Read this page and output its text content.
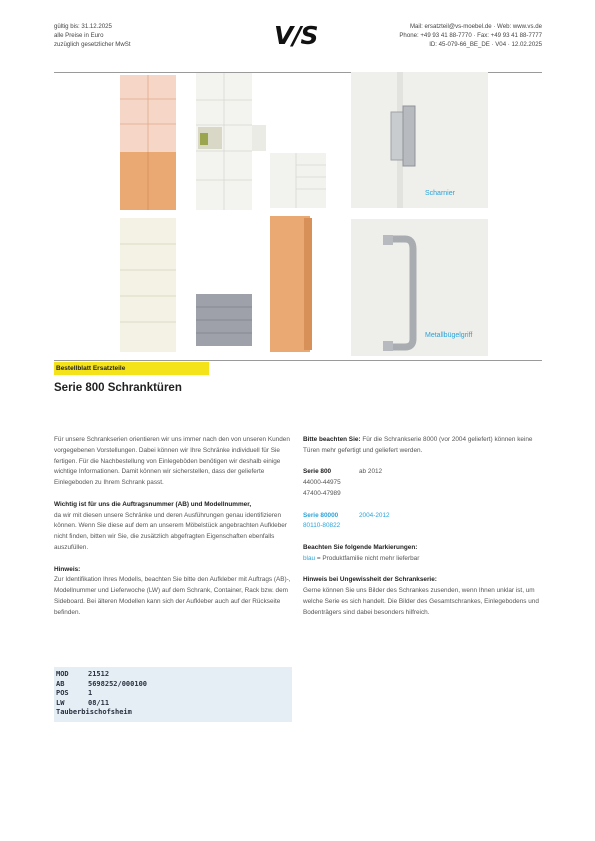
gültig bis: 31.12.2025
alle Preise in Euro
zuzüglich gesetzlicher MwSt	V/S	Mail: ersatzteil@vs-moebel.de · Web: www.vs.de
Phone: +49 93 41 88-7770 · Fax: +49 93 41 88-7777
ID: 45-079-66_BE_DE · V04 · 12.02.2025
Scharnier
Metallbügelgriff
Bestellblatt Ersatzteile
Serie 800 Schranktüren

Für unsere Schrankserien orientieren wir uns immer nach den von unseren Kunden vorgegebenen Vorstellungen. Dabei können wir Ihre Schränke individuell für Sie fertigen. Für die Nachbestellung von Einlegeböden benötigen wir deshalb einige wichtige Informationen. Damit können wir sicherstellen, dass der gelieferte Einlegeboden zu Ihrem Schrank passt.

Wichtig ist für uns die Auftragsnummer (AB) und Modellnummer,

da wir mit diesen unsere Schränke und deren Ausführungen genau identifizieren können. Wenn Sie diese auf dem an unserem Möbelstück angebrachten Aufkleber nicht finden, bitten wir Sie, die zusätzlich abgefragten Eigenschaften ebenfalls auszufüllen.

Hinweis:

Zur Identifikation Ihres Modells, beachten Sie bitte den Aufkleber mit Auftrags (AB)-, Modellnummer und Lieferwoche (LW) auf dem Schrank, Container, Rack bzw. dem Sideboard. Bei älteren Modellen kann sich der Aufkleber auch auf der Rückseite befinden.

Bitte beachten Sie: Für die Schrankserie 8000 (vor 2004 geliefert) können keine Türen mehr gefertigt und geliefert werden.

Serie 800	ab 2012
44000-44975
47400-47989
Serie 80000	2004-2012
80110-80822
Beachten Sie folgende Markierungen:

blau = Produktfamilie nicht mehr lieferbar

Hinweis bei Ungewissheit der Schrankserie:

Gerne können Sie uns Bilder des Schrankes zusenden, wenn Ihnen unklar ist, um welche Serie es sich handelt. Die Bilder des Gesamtschrankes, Einlegebodens und Bodenträgers sind dabei besonders hilfreich.

MOD	21512
AB	5698252/000100
POS	1
LW	08/11
Tauberbischofsheim
